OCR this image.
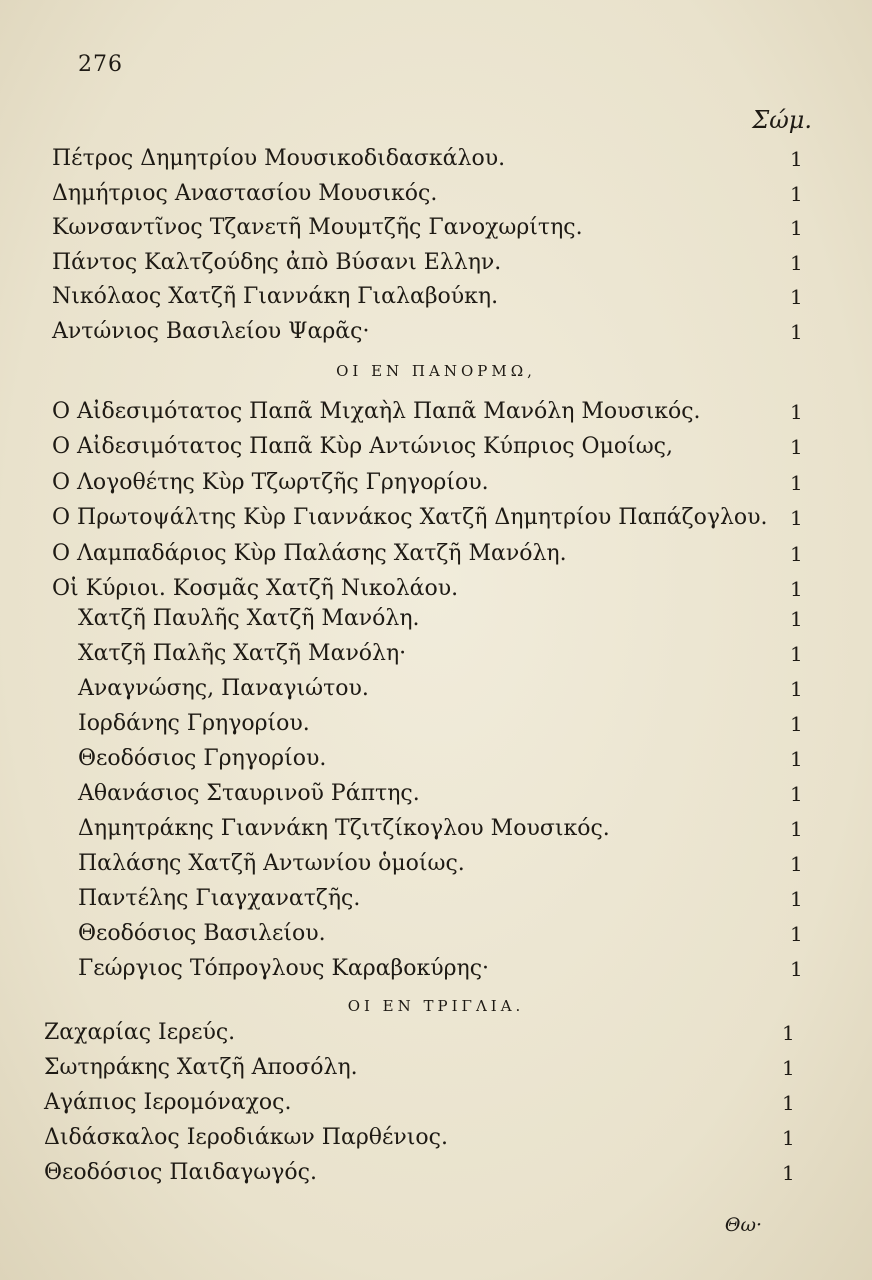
276
Σώμ.
Πέτρος Δημητρίου Μουσικοδιδασκάλου.	1
Δημήτριος Αναστασίου Μουσικός.	1
Κωνσαντῖνος Τζανετῆ Μουμτζῆς Γανοχωρίτης.	1
Πάντος Καλτζούδης ἀπὸ Βύσανι Ελλην.	1
Νικόλαος Χατζῆ Γιαννάκη Γιαλαβούκη.	1
Αντώνιος Βασιλείου Ψαρᾶς·	1
ΟΙ ΕΝ ΠΑΝΟΡΜΩ,
Ο Αἰδεσιμότατος Παπᾶ Μιχαὴλ Παπᾶ Μανόλη Μουσικός.	1
Ο Αἰδεσιμότατος Παπᾶ Κὺρ Αντώνιος Κύπριος Ομοίως,	1
Ο Λογοθέτης Κὺρ Τζωρτζῆς Γρηγορίου.	1
Ο Πρωτοψάλτης Κὺρ Γιαννάκος Χατζῆ Δημητρίου Παπάζογλου. 1
Ο Λαμπαδάριος Κὺρ Παλάσης Χατζῆ Μανόλη.	1
Οἱ Κύριοι. Κοσμᾶς Χατζῆ Νικολάου.	1
Χατζῆ Παυλῆς Χατζῆ Μανόλη.	1
Χατζῆ Παλῆς Χατζῆ Μανόλη·	1
Αναγνώσης, Παναγιώτου.	1
Ιορδάνης Γρηγορίου.	1
Θεοδόσιος Γρηγορίου.	1
Αθανάσιος Σταυρινοῦ Ράπτης.	1
Δημητράκης Γιαννάκη Τζιτζίκογλου Μουσικός.	1
Παλάσης Χατζῆ Αντωνίου ὁμοίως.	1
Παντέλης Γιαγχανατζῆς.	1
Θεοδόσιος Βασιλείου.	1
Γεώργιος Τόπρογλους Καραβοκύρης·	1
ΟΙ ΕΝ ΤΡΙΓΛΙΑ.
Ζαχαρίας Ιερεύς.	1
Σωτηράκης Χατζῆ Αποσόλη.	1
Αγάπιος Ιερομόναχος.	1
Διδάσκαλος Ιεροδιάκων Παρθένιος.	1
Θεοδόσιος Παιδαγωγός.	1
Θω·
